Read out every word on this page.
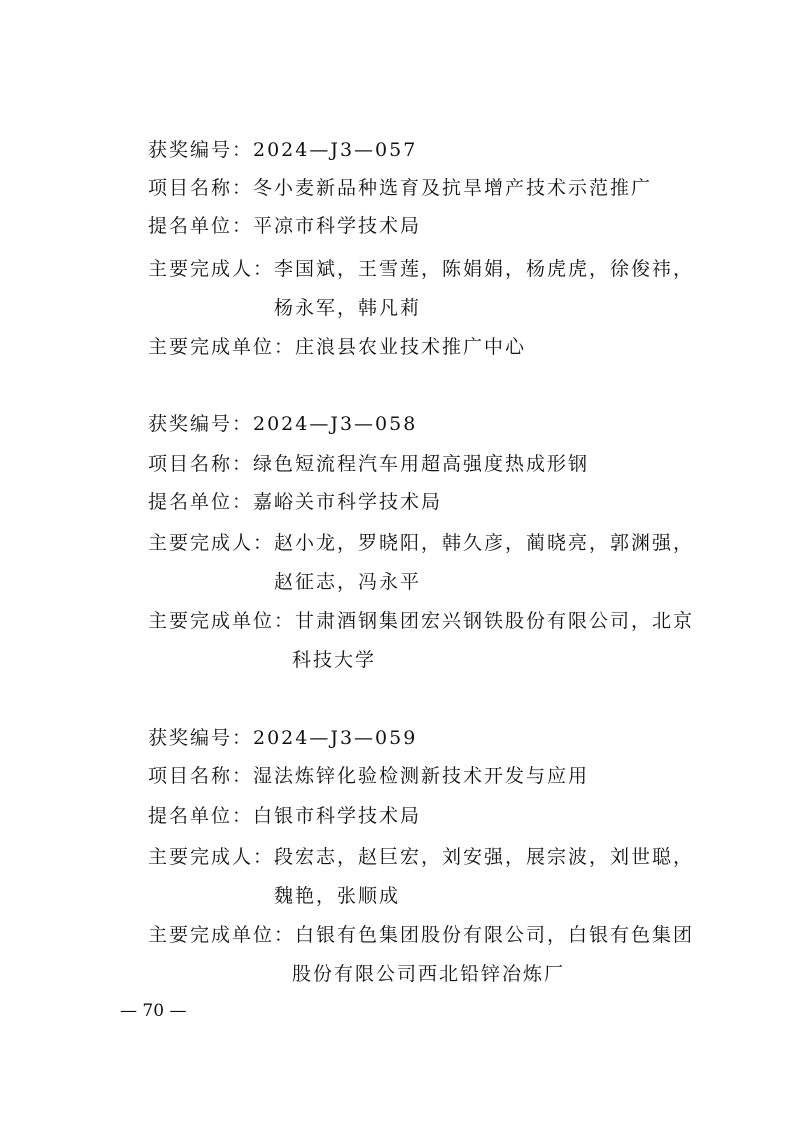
获奖编号：2024—J3—057
项目名称：冬小麦新品种选育及抗旱增产技术示范推广
提名单位：平凉市科学技术局
主要完成人：李国斌，王雪莲，陈娟娟，杨虎虎，徐俊祎，
杨永军，韩凡莉
主要完成单位：庄浪县农业技术推广中心
获奖编号：2024—J3—058
项目名称：绿色短流程汽车用超高强度热成形钢
提名单位：嘉峪关市科学技术局
主要完成人：赵小龙，罗晓阳，韩久彦，蔺晓亮，郭渊强，
赵征志，冯永平
主要完成单位：甘肃酒钢集团宏兴钢铁股份有限公司，北京
科技大学
获奖编号：2024—J3—059
项目名称：湿法炼锌化验检测新技术开发与应用
提名单位：白银市科学技术局
主要完成人：段宏志，赵巨宏，刘安强，展宗波，刘世聪，
魏艳，张顺成
主要完成单位：白银有色集团股份有限公司，白银有色集团
股份有限公司西北铅锌冶炼厂
— 70 —
